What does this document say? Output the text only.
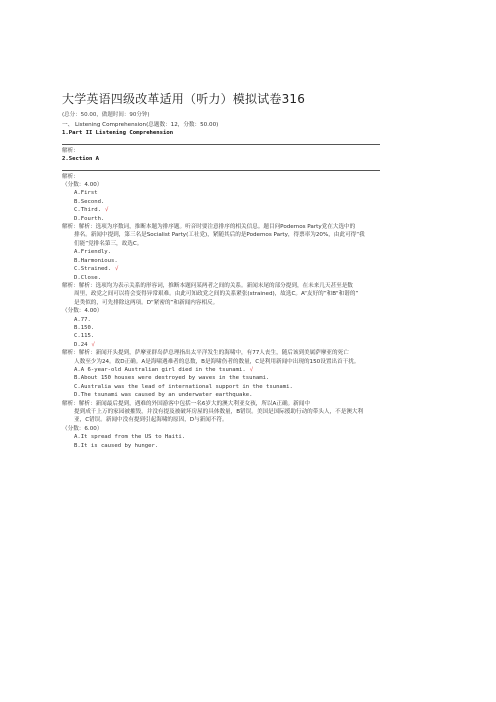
大学英语四级改革适用（听力）模拟试卷316
(总分：50.00，做题时间：90分钟)
一、 Listening Comprehension(总题数：12，分数：50.00)
1.Part II Listening Comprehension
解析：
2.Section A
解析：
（分数：4.00）
A.First
B.Second.
C.Third. √
D.Fourth.
解析：解析：选项为序数词，推断本题为排序题。听音时要注意排序的相关信息。题目问Podemos Party党在大选中的
排名。新闻中提到，第三名是Socialist Party(工社党)，紧随其后的是Podemos Party，得票率为20%，由此可得“我
们能”党排名第三，故选C。
A.Friendly.
B.Harmonious.
C.Strained. √
D.Close.
解析：解析：选项均为表示关系的形容词，推断本题问某两者之间的关系。新闻末尾的部分提到，在未来几天甚至是数
周里，政党之间可以将会变得异常艰难。由此可知政党之间的关系紧张(strained)，故选C。A“友好的”和B“和谐的”
是类似的，可先排除这两项。D“紧密的”和新闻内容相反。
（分数：4.00）
A.77.
B.150.
C.115.
D.24 √
解析：解析：新闻开头提到，萨摩亚群岛萨总理指出太平洋发生的海啸中，有77人丧生，随后该到美属萨摩亚的死亡
人数至少为24。故D正确。A是海啸遇难者的总数，B是海啸伤者的数量，C是利用新闻中出现的150设置出首干扰。
A.A 6-year-old Australian girl died in the tsunami. √
B.About 150 houses were destroyed by waves in the tsunami.
C.Australia was the lead of international support in the tsunami.
D.The tsunami was caused by an underwater earthquake.
解析：解析：新闻最后提到，遇难的外国游客中包括一名6岁大的澳大利亚女孩，所以A正确。新闻中
提到成千上万的家园被摧毁，并没有提及被破坏房屋的具体数量，B错误。美国是国际援助行动的带头人，不是澳大利
亚，C错误。新闻中没有提到引起海啸的原因，D与新闻不符。
（分数：6.00）
A.It spread from the US to Haiti.
B.It is caused by hunger.
